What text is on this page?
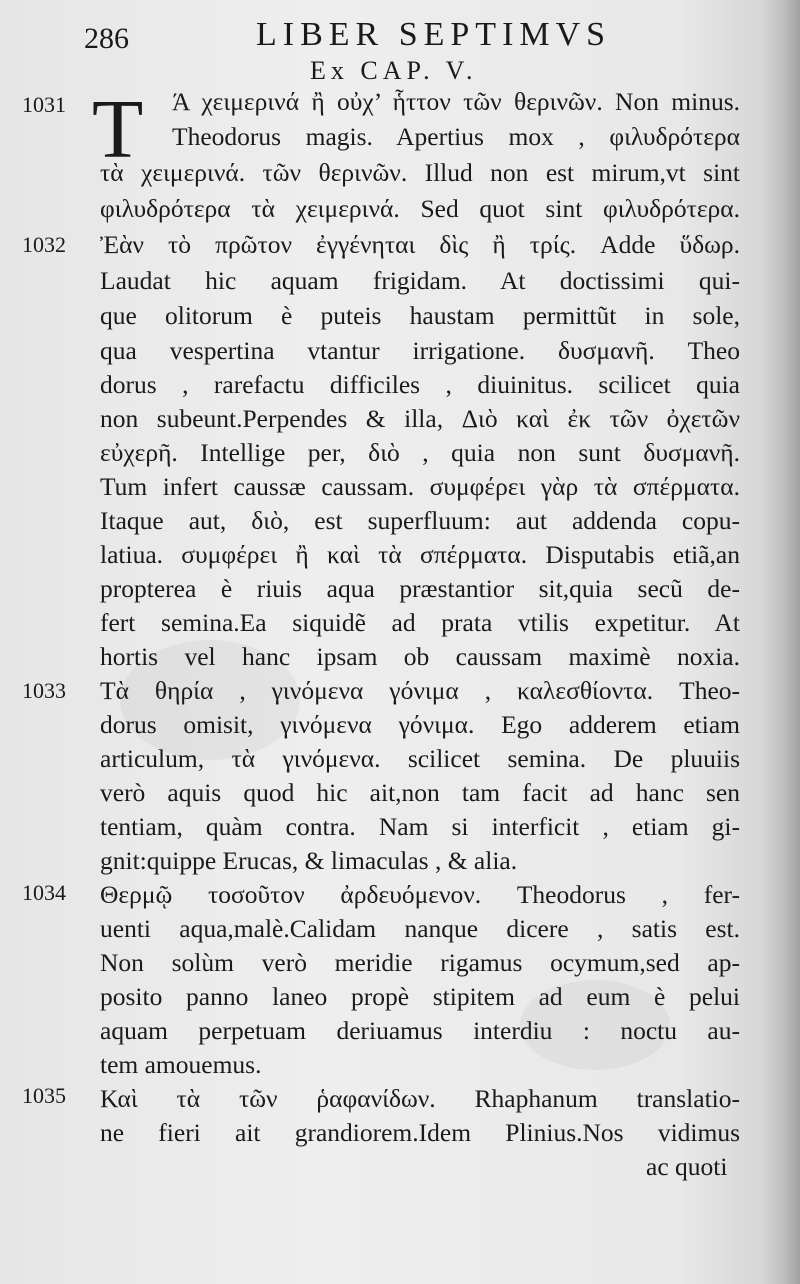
286	LIBER SEPTIMVS
Ex CAP. V.
1031
1032
1033
1034
1035
T Ά χειμερινά ἢ οὐχ’ ἧττον τῶν θερινῶν. Non minus.
Theodorus magis. Apertius mox , φιλυδρότερα
τὰ χειμερινά. τῶν θερινῶν. Illud non est mirum,vt sint
φιλυδρότερα τὰ χειμερινά. Sed quot sint φιλυδρότερα.
Ἐὰν τὸ πρῶτον ἐγγένηται δὶς ἢ τρίς. Adde ὕδωρ.
Laudat hic aquam frigidam. At doctissimi qui-
que olitorum è puteis haustam permittũt in sole,
qua vespertina vtantur irrigatione. δυσμανῆ. Theo
dorus , rarefactu difficiles , diuinitus. scilicet quia
non subeunt.Perpendes & illa, Διὸ καὶ ἐκ τῶν ὀχετῶν
εὐχερῆ. Intellige per, διὸ , quia non sunt δυσμανῆ.
Tum infert caussæ caussam. συμφέρει γὰρ τὰ σπέρματα.
Itaque aut, διὸ, est superfluum: aut addenda copu-
latiua. συμφέρει ἢ καὶ τὰ σπέρματα. Disputabis etiã,an
propterea è riuis aqua præstantior sit,quia secũ de-
fert semina.Ea siquidẽ ad prata vtilis expetitur. At
hortis vel hanc ipsam ob caussam maximè noxia.
Τὰ θηρία , γινόμενα γόνιμα , καλεσθίοντα. Theo-
dorus omisit, γινόμενα γόνιμα. Ego adderem etiam
articulum, τὰ γινόμενα. scilicet semina. De pluuiis
verò aquis quod hic ait,non tam facit ad hanc sen
tentiam, quàm contra. Nam si interficit , etiam gi-
gnit:quippe Erucas, & limaculas , & alia.
Θερμῷ τοσοῦτον ἀρδευόμενον. Theodorus , fer-
uenti aqua,malè.Calidam nanque dicere , satis est.
Non solùm verò meridie rigamus ocymum,sed ap-
posito panno laneo propè stipitem ad eum è pelui
aquam perpetuam deriuamus interdiu : noctu au-
tem amouemus.
Καὶ τὰ τῶν ῥαφανίδων. Rhaphanum translatio-
ne fieri ait grandiorem.Idem Plinius.Nos vidimus
ac quoti
